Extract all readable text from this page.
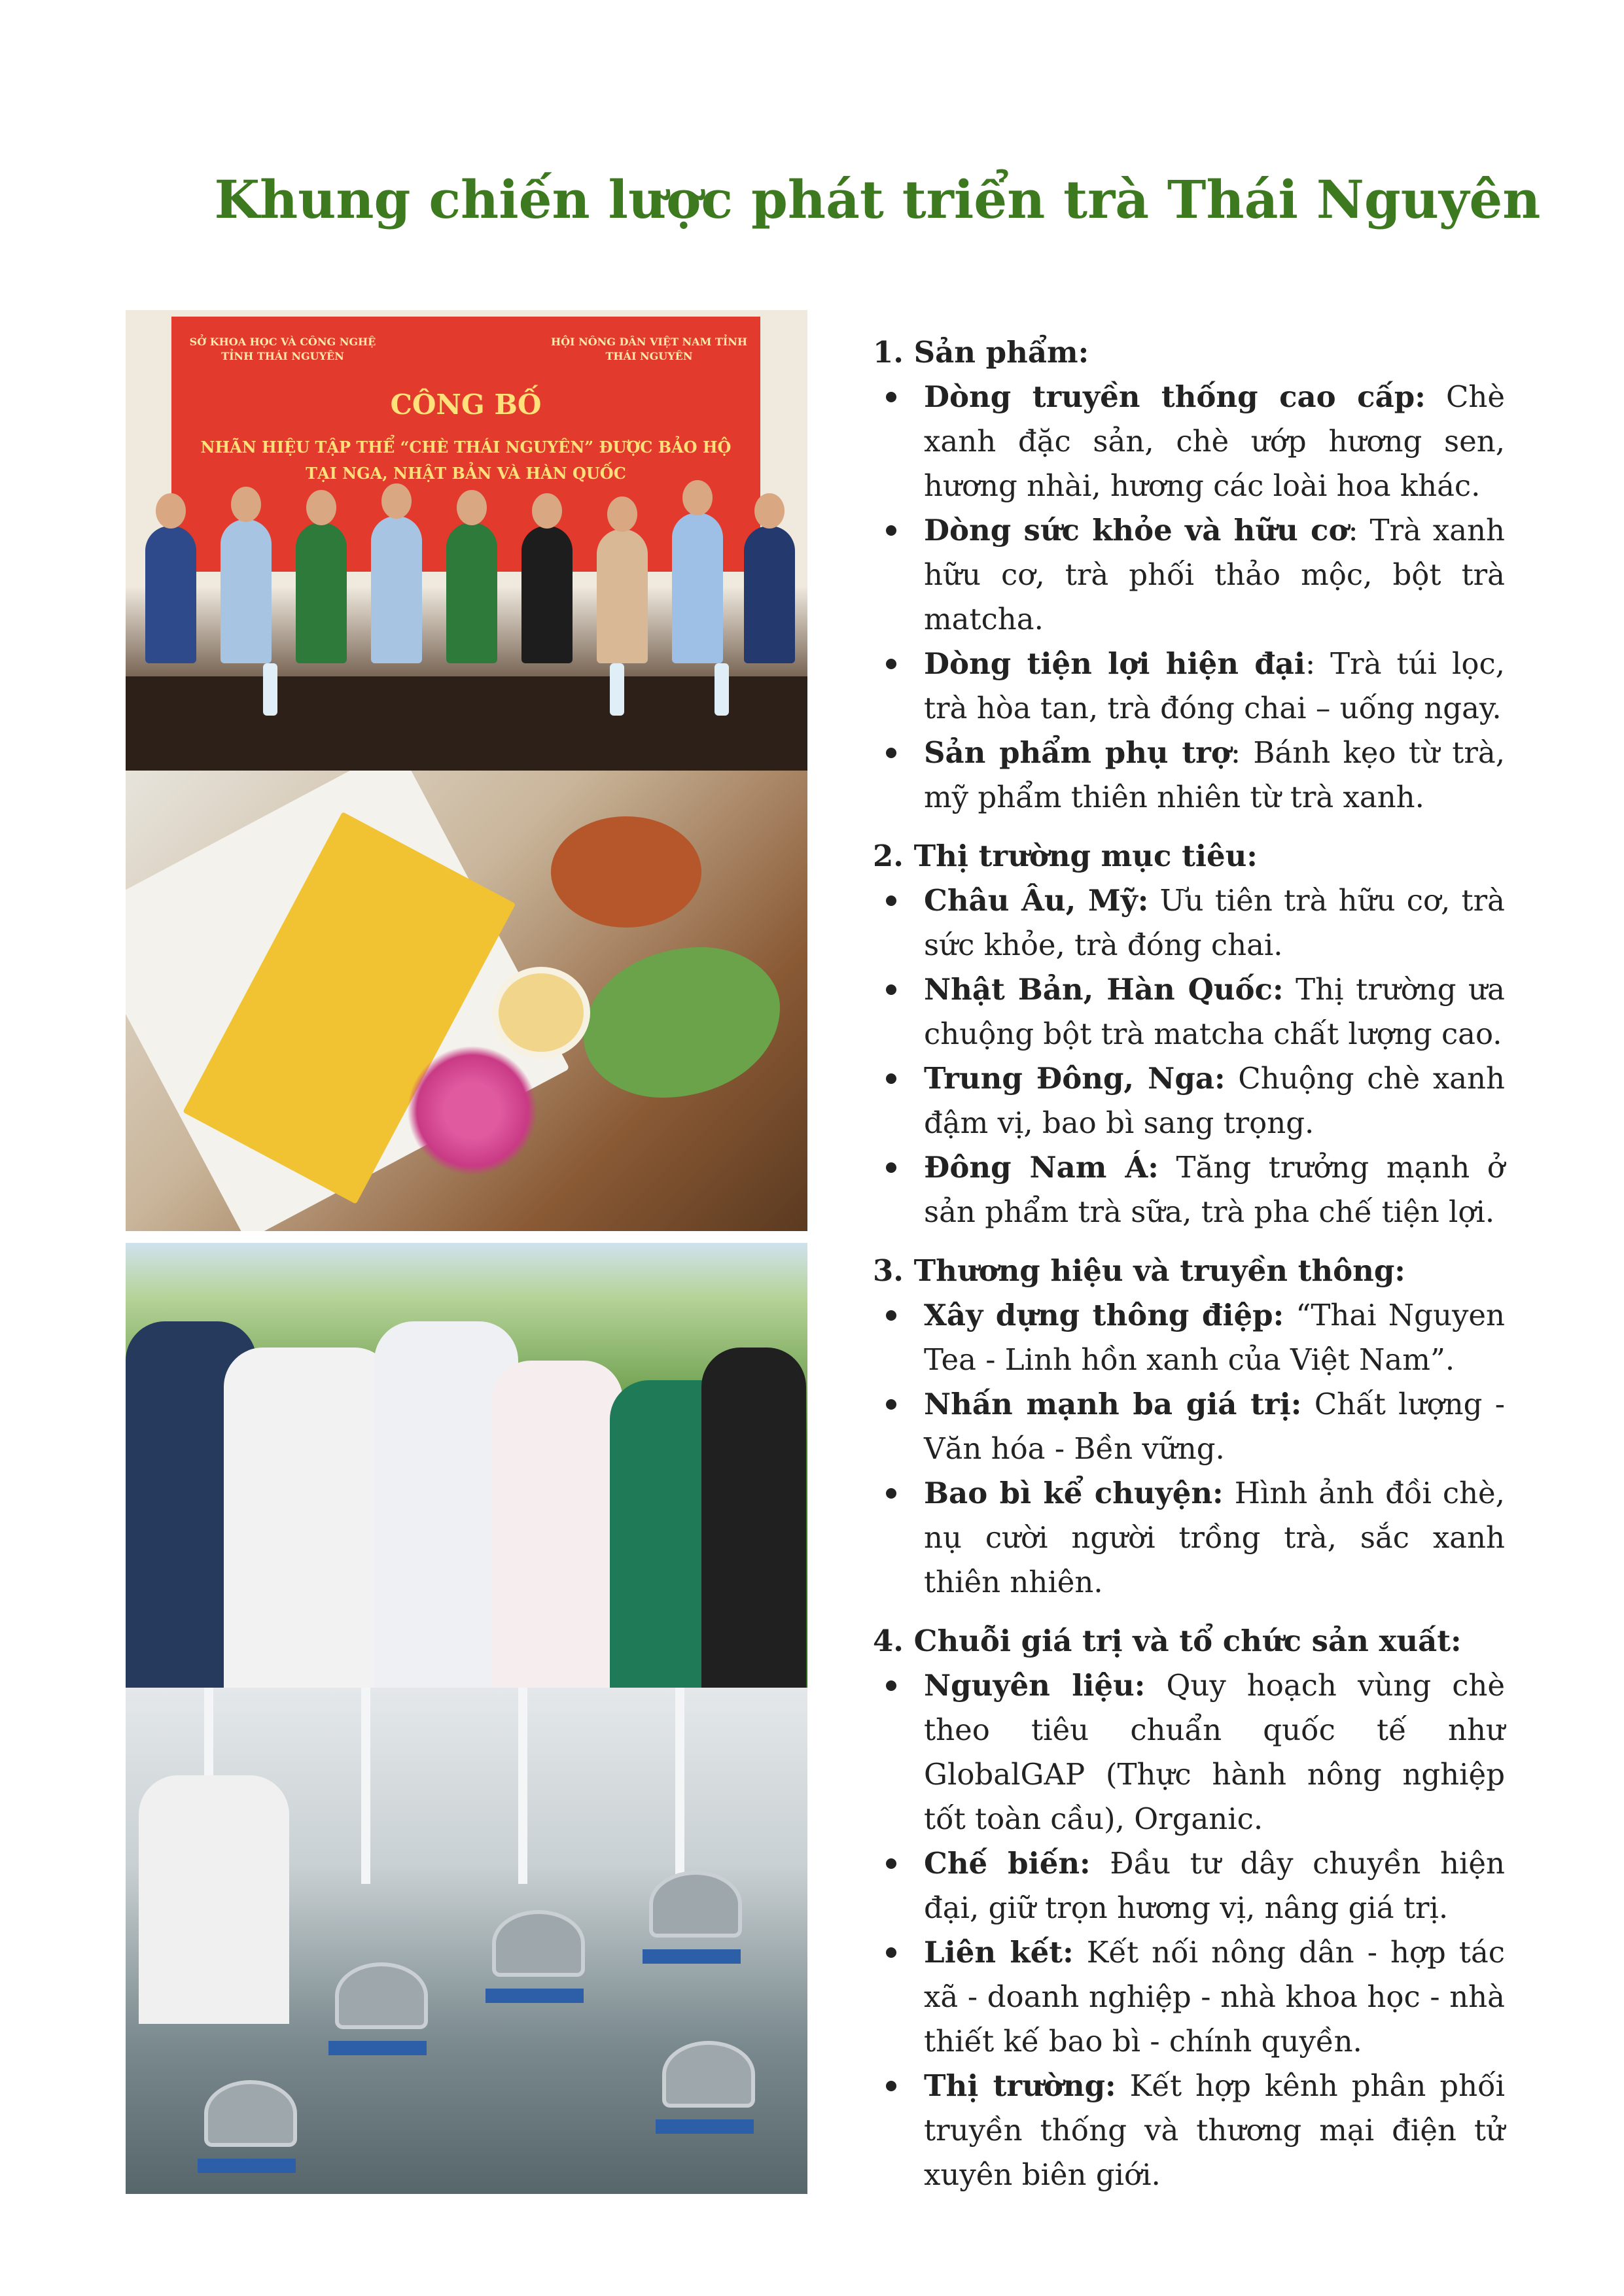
Khung chiến lược phát triển trà Thái Nguyên
SỞ KHOA HỌC VÀ CÔNG NGHỆ TỈNH THÁI NGUYÊN
HỘI NÔNG DÂN VIỆT NAM TỈNH THÁI NGUYÊN
CÔNG BỐ
NHÃN HIỆU TẬP THỂ “CHÈ THÁI NGUYÊN” ĐƯỢC BẢO HỘ TẠI NGA, NHẬT BẢN VÀ HÀN QUỐC

1. Sản phẩm:

Dòng truyền thống cao cấp: Chè xanh đặc sản, chè ướp hương sen, hương nhài, hương các loài hoa khác.
Dòng sức khỏe và hữu cơ: Trà xanh hữu cơ, trà phối thảo mộc, bột trà matcha.
Dòng tiện lợi hiện đại: Trà túi lọc, trà hòa tan, trà đóng chai – uống ngay.
Sản phẩm phụ trợ: Bánh kẹo từ trà, mỹ phẩm thiên nhiên từ trà xanh.

2. Thị trường mục tiêu:

Châu Âu, Mỹ: Ưu tiên trà hữu cơ, trà sức khỏe, trà đóng chai.
Nhật Bản, Hàn Quốc: Thị trường ưa chuộng bột trà matcha chất lượng cao.
Trung Đông, Nga: Chuộng chè xanh đậm vị, bao bì sang trọng.
Đông Nam Á: Tăng trưởng mạnh ở sản phẩm trà sữa, trà pha chế tiện lợi.

3. Thương hiệu và truyền thông:

Xây dựng thông điệp: “Thai Nguyen Tea - Linh hồn xanh của Việt Nam”.
Nhấn mạnh ba giá trị: Chất lượng - Văn hóa - Bền vững.
Bao bì kể chuyện: Hình ảnh đồi chè, nụ cười người trồng trà, sắc xanh thiên nhiên.

4. Chuỗi giá trị và tổ chức sản xuất:

Nguyên liệu: Quy hoạch vùng chè theo tiêu chuẩn quốc tế như GlobalGAP (Thực hành nông nghiệp tốt toàn cầu), Organic.
Chế biến: Đầu tư dây chuyền hiện đại, giữ trọn hương vị, nâng giá trị.
Liên kết: Kết nối nông dân - hợp tác xã - doanh nghiệp - nhà khoa học - nhà thiết kế bao bì - chính quyền.
Thị trường: Kết hợp kênh phân phối truyền thống và thương mại điện tử xuyên biên giới.
